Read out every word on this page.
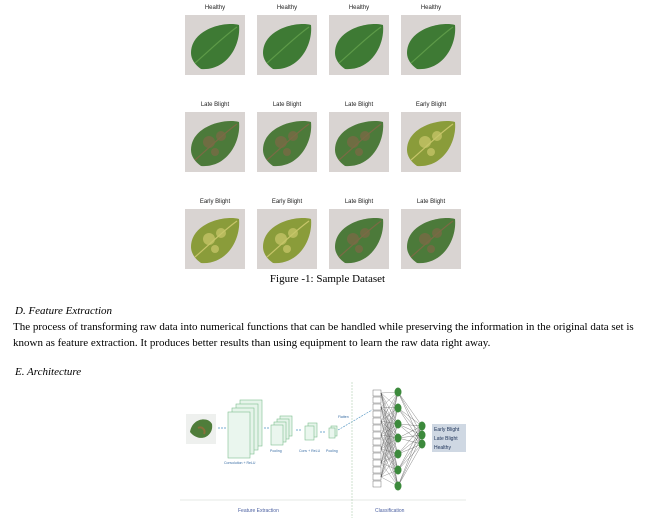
Healthy	Healthy	Healthy	Healthy
Late Blight	Late Blight	Late Blight	Early Blight
Early Blight	Early Blight	Late Blight	Late Blight
Figure -1: Sample Dataset
D. Feature Extraction

The process of transforming raw data into numerical functions that can be handled while preserving the information in the original data set is known as feature extraction. It produces better results than using equipment to learn the raw data right away.

E. Architecture
Early Blight
Late Blight
Healthy
Convolution + ReLU
Pooling	Conv + ReLU Pooling
Flatten
Feature Extraction	Classification
